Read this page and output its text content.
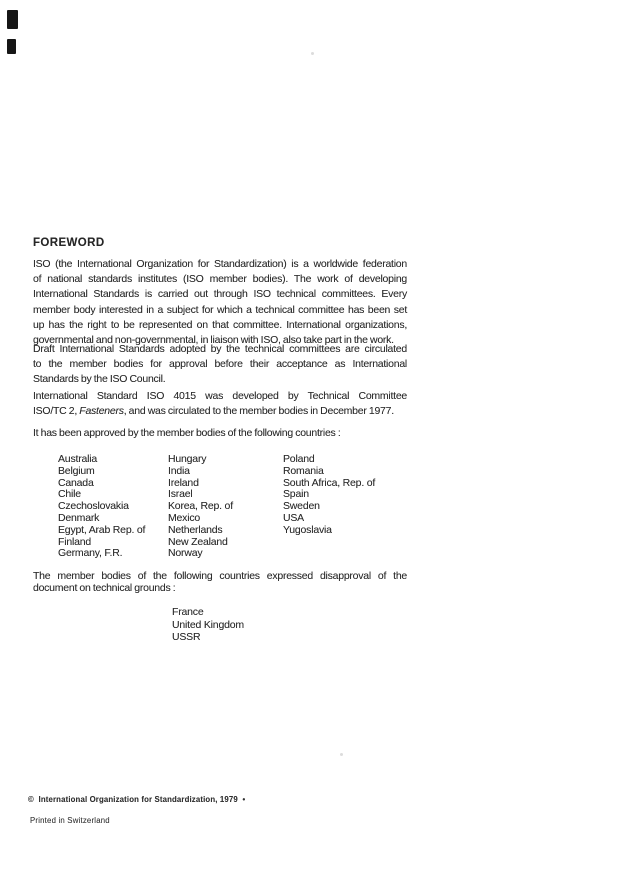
FOREWORD
ISO (the International Organization for Standardization) is a worldwide federation
of national standards institutes (ISO member bodies). The work of developing
International Standards is carried out through ISO technical committees. Every
member body interested in a subject for which a technical committee has been set
up has the right to be represented on that committee. International organizations,
governmental and non-governmental, in liaison with ISO, also take part in the work.
Draft International Standards adopted by the technical committees are circulated
to the member bodies for approval before their acceptance as International
Standards by the ISO Council.
International Standard ISO 4015 was developed by Technical Committee
ISO/TC 2, Fasteners, and was circulated to the member bodies in December 1977.
It has been approved by the member bodies of the following countries :
Australia
Belgium
Canada
Chile
Czechoslovakia
Denmark
Egypt, Arab Rep. of
Finland
Germany, F.R.
Hungary
India
Ireland
Israel
Korea, Rep. of
Mexico
Netherlands
New Zealand
Norway
Poland
Romania
South Africa, Rep. of
Spain
Sweden
USA
Yugoslavia
The member bodies of the following countries expressed disapproval of the
document on technical grounds :
France
United Kingdom
USSR
©  International Organization for Standardization, 1979  •
Printed in Switzerland
